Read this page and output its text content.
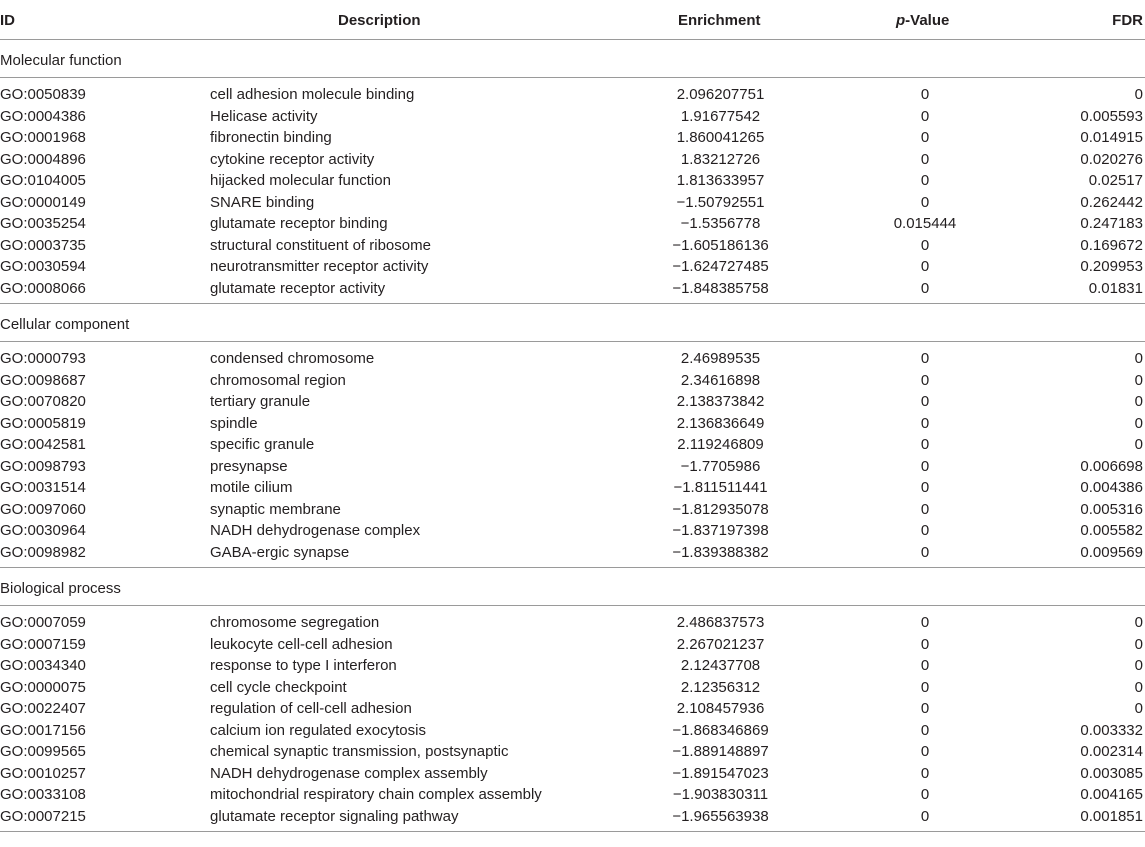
ID	Description	Enrichment	p-Value	FDR
Molecular function
GO:0050839	cell adhesion molecule binding	2.096207751	0	0
GO:0004386	Helicase activity	1.91677542	0	0.005593
GO:0001968	fibronectin binding	1.860041265	0	0.014915
GO:0004896	cytokine receptor activity	1.83212726	0	0.020276
GO:0104005	hijacked molecular function	1.813633957	0	0.02517
GO:0000149	SNARE binding	−1.50792551	0	0.262442
GO:0035254	glutamate receptor binding	−1.5356778	0.015444	0.247183
GO:0003735	structural constituent of ribosome	−1.605186136	0	0.169672
GO:0030594	neurotransmitter receptor activity	−1.624727485	0	0.209953
GO:0008066	glutamate receptor activity	−1.848385758	0	0.01831
Cellular component
GO:0000793	condensed chromosome	2.46989535	0	0
GO:0098687	chromosomal region	2.34616898	0	0
GO:0070820	tertiary granule	2.138373842	0	0
GO:0005819	spindle	2.136836649	0	0
GO:0042581	specific granule	2.119246809	0	0
GO:0098793	presynapse	−1.7705986	0	0.006698
GO:0031514	motile cilium	−1.811511441	0	0.004386
GO:0097060	synaptic membrane	−1.812935078	0	0.005316
GO:0030964	NADH dehydrogenase complex	−1.837197398	0	0.005582
GO:0098982	GABA-ergic synapse	−1.839388382	0	0.009569
Biological process
GO:0007059	chromosome segregation	2.486837573	0	0
GO:0007159	leukocyte cell-cell adhesion	2.267021237	0	0
GO:0034340	response to type I interferon	2.12437708	0	0
GO:0000075	cell cycle checkpoint	2.12356312	0	0
GO:0022407	regulation of cell-cell adhesion	2.108457936	0	0
GO:0017156	calcium ion regulated exocytosis	−1.868346869	0	0.003332
GO:0099565	chemical synaptic transmission, postsynaptic	−1.889148897	0	0.002314
GO:0010257	NADH dehydrogenase complex assembly	−1.891547023	0	0.003085
GO:0033108	mitochondrial respiratory chain complex assembly	−1.903830311	0	0.004165
GO:0007215	glutamate receptor signaling pathway	−1.965563938	0	0.001851
